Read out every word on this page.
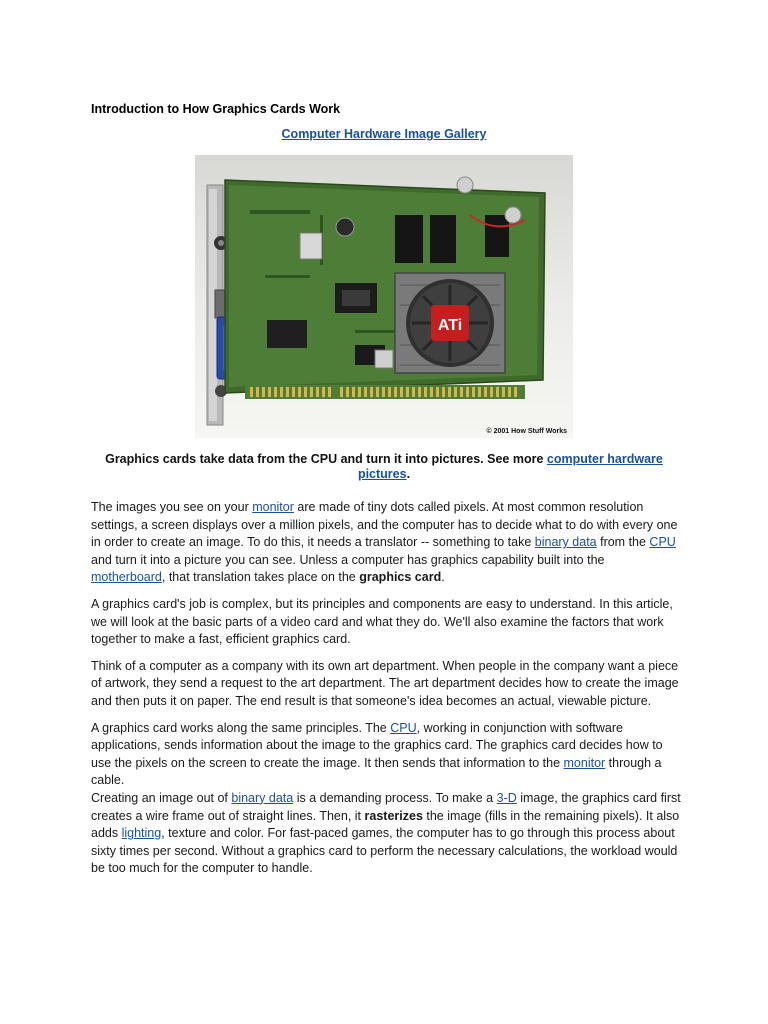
Introduction to How Graphics Cards Work
Computer Hardware Image Gallery
ATi
© 2001 How Stuff Works
Graphics cards take data from the CPU and turn it into pictures. See more computer hardware pictures.

The images you see on your monitor are made of tiny dots called pixels. At most common resolution settings, a screen displays over a million pixels, and the computer has to decide what to do with every one in order to create an image. To do this, it needs a translator -- something to take binary data from the CPU and turn it into a picture you can see. Unless a computer has graphics capability built into the motherboard, that translation takes place on the graphics card.

A graphics card's job is complex, but its principles and components are easy to understand. In this article, we will look at the basic parts of a video card and what they do. We'll also examine the factors that work together to make a fast, efficient graphics card.

Think of a computer as a company with its own art department. When people in the company want a piece of artwork, they send a request to the art department. The art department decides how to create the image and then puts it on paper. The end result is that someone's idea becomes an actual, viewable picture.

A graphics card works along the same principles. The CPU, working in conjunction with software applications, sends information about the image to the graphics card. The graphics card decides how to use the pixels on the screen to create the image. It then sends that information to the monitor through a cable.

Creating an image out of binary data is a demanding process. To make a 3-D image, the graphics card first creates a wire frame out of straight lines. Then, it rasterizes the image (fills in the remaining pixels). It also adds lighting, texture and color. For fast-paced games, the computer has to go through this process about sixty times per second. Without a graphics card to perform the necessary calculations, the workload would be too much for the computer to handle.
